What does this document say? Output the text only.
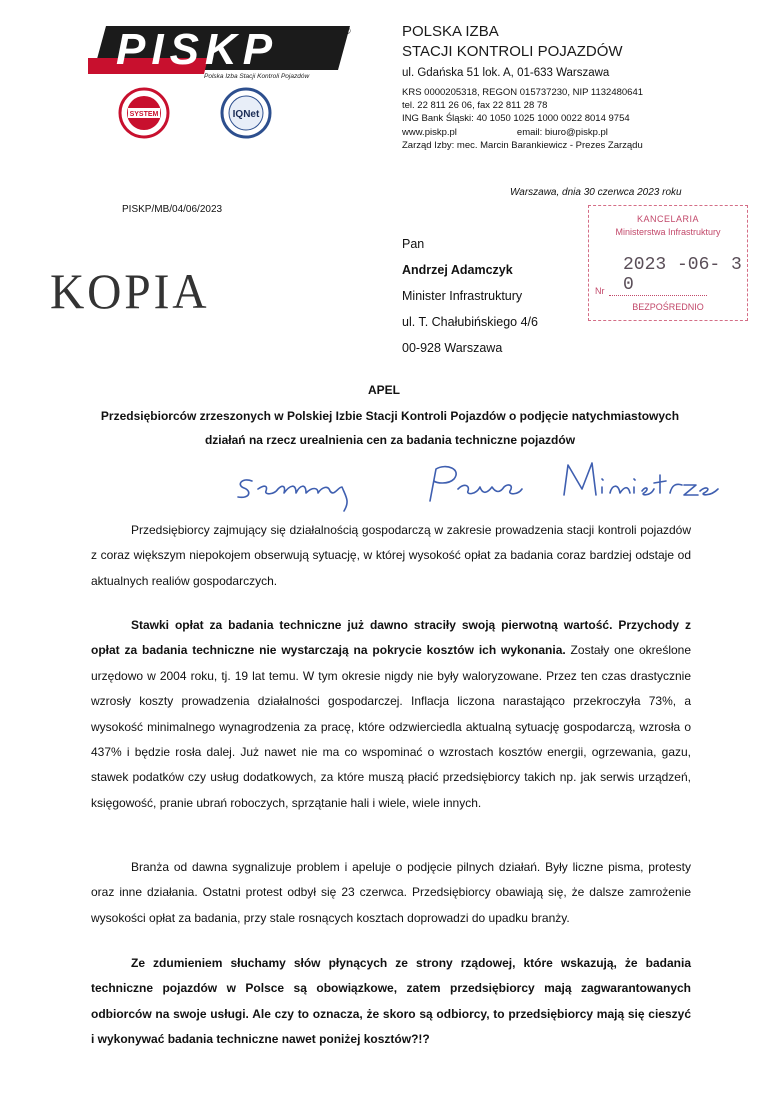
PISKP
Polska Izba Stacji Kontroli Pojazdów
®
SYSTEM	IQNet
POLSKA IZBA
STACJI KONTROLI POJAZDÓW
ul. Gdańska 51 lok. A, 01-633 Warszawa
KRS 0000205318, REGON 015737230, NIP 1132480641
tel. 22 811 26 06, fax 22 811 28 78
ING Bank Śląski: 40 1050 1025 1000 0022 8014 9754
www.piskp.pl	email: biuro@piskp.pl
Zarząd Izby: mec. Marcin Barankiewicz - Prezes Zarządu
Warszawa, dnia 30 czerwca 2023 roku
PISKP/MB/04/06/2023
KOPIA
Pan
Andrzej Adamczyk
Minister Infrastruktury
ul. T. Chałubińskiego 4/6
00-928 Warszawa
KANCELARIA
Ministerstwa Infrastruktury
2023 -06- 3 0
Nr
BEZPOŚREDNIO
APEL
Przedsiębiorców zrzeszonych w Polskiej Izbie Stacji Kontroli Pojazdów o podjęcie natychmiastowych działań na rzecz urealnienia cen za badania techniczne pojazdów
Przedsiębiorcy zajmujący się działalnością gospodarczą w zakresie prowadzenia stacji kontroli pojazdów z coraz większym niepokojem obserwują sytuację, w której wysokość opłat za badania coraz bardziej odstaje od aktualnych realiów gospodarczych.
Stawki opłat za badania techniczne już dawno straciły swoją pierwotną wartość. Przychody z opłat za badania techniczne nie wystarczają na pokrycie kosztów ich wykonania. Zostały one określone urzędowo w 2004 roku, tj. 19 lat temu. W tym okresie nigdy nie były waloryzowane. Przez ten czas drastycznie wzrosły koszty prowadzenia działalności gospodarczej. Inflacja liczona narastająco przekroczyła 73%, a wysokość minimalnego wynagrodzenia za pracę, które odzwierciedla aktualną sytuację gospodarczą, wzrosła o 437% i będzie rosła dalej. Już nawet nie ma co wspominać o wzrostach kosztów energii, ogrzewania, gazu, stawek podatków czy usług dodatkowych, za które muszą płacić przedsiębiorcy takich np. jak serwis urządzeń, księgowość, pranie ubrań roboczych, sprzątanie hali i wiele, wiele innych.
Branża od dawna sygnalizuje problem i apeluje o podjęcie pilnych działań. Były liczne pisma, protesty oraz inne działania. Ostatni protest odbył się 23 czerwca. Przedsiębiorcy obawiają się, że dalsze zamrożenie wysokości opłat za badania, przy stale rosnących kosztach doprowadzi do upadku branży.
Ze zdumieniem słuchamy słów płynących ze strony rządowej, które wskazują, że badania techniczne pojazdów w Polsce są obowiązkowe, zatem przedsiębiorcy mają zagwarantowanych odbiorców na swoje usługi. Ale czy to oznacza, że skoro są odbiorcy, to przedsiębiorcy mają się cieszyć i wykonywać badania techniczne nawet poniżej kosztów?!?
